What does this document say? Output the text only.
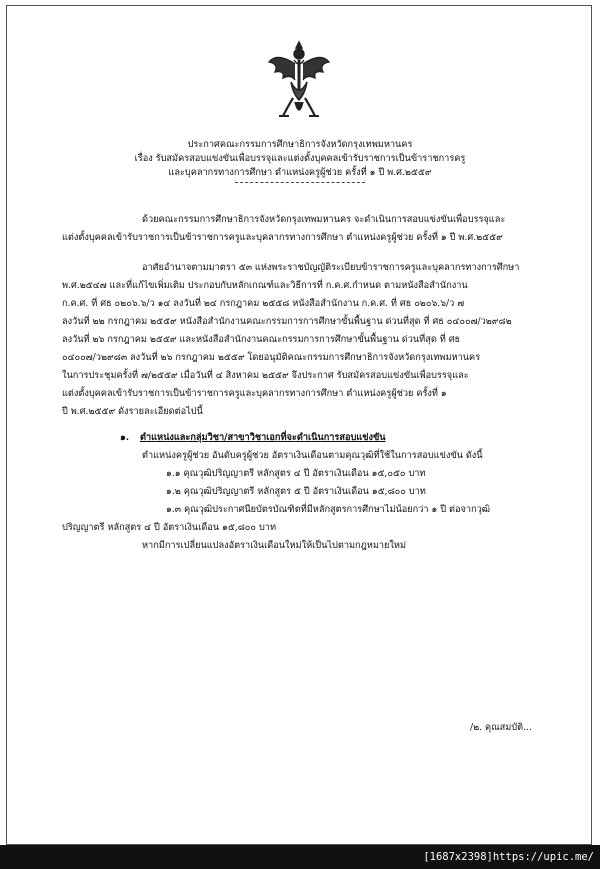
ประกาศคณะกรรมการศึกษาธิการจังหวัดกรุงเทพมหานคร
เรื่อง รับสมัครสอบแข่งขันเพื่อบรรจุและแต่งตั้งบุคคลเข้ารับราชการเป็นข้าราชการครู
และบุคลากรทางการศึกษา ตำแหน่งครูผู้ช่วย ครั้งที่ ๑ ปี พ.ศ.๒๕๕๙
ด้วยคณะกรรมการศึกษาธิการจังหวัดกรุงเทพมหานคร จะดำเนินการสอบแข่งขันเพื่อบรรจุและ
แต่งตั้งบุคคลเข้ารับราชการเป็นข้าราชการครูและบุคลากรทางการศึกษา ตำแหน่งครูผู้ช่วย ครั้งที่ ๑ ปี พ.ศ.๒๕๕๙
อาศัยอำนาจตามมาตรา ๕๓ แห่งพระราชบัญญัติระเบียบข้าราชการครูและบุคลากรทางการศึกษา
พ.ศ.๒๕๔๗ และที่แก้ไขเพิ่มเติม ประกอบกับหลักเกณฑ์และวิธีการที่ ก.ค.ศ.กำหนด ตามหนังสือสำนักงาน
ก.ค.ศ. ที่ ศธ ๐๒๐๖.๖/ว ๑๔ ลงวันที่ ๒๔ กรกฎาคม ๒๕๕๘ หนังสือสำนักงาน ก.ค.ศ. ที่ ศธ ๐๒๐๖.๖/ว ๗
ลงวันที่ ๒๒ กรกฎาคม ๒๕๕๙ หนังสือสำนักงานคณะกรรมการการศึกษาขั้นพื้นฐาน ด่วนที่สุด ที่ ศธ ๐๔๐๐๗/ว๒๙๘๒
ลงวันที่ ๒๖ กรกฎาคม ๒๕๕๙ และหนังสือสำนักงานคณะกรรมการการศึกษาขั้นพื้นฐาน ด่วนที่สุด ที่ ศธ
๐๔๐๐๗/ว๒๙๘๓ ลงวันที่ ๒๖ กรกฎาคม ๒๕๕๙ โดยอนุมัติคณะกรรมการศึกษาธิการจังหวัดกรุงเทพมหานคร
ในการประชุมครั้งที่ ๗/๒๕๕๙ เมื่อวันที่ ๔ สิงหาคม ๒๕๕๙ จึงประกาศ รับสมัครสอบแข่งขันเพื่อบรรจุและ
แต่งตั้งบุคคลเข้ารับราชการเป็นข้าราชการครูและบุคลากรทางการศึกษา ตำแหน่งครูผู้ช่วย ครั้งที่ ๑
ปี พ.ศ.๒๕๕๙ ดังรายละเอียดต่อไปนี้
๑. ตำแหน่งและกลุ่มวิชา/สาขาวิชาเอกที่จะดำเนินการสอบแข่งขัน
ตำแหน่งครูผู้ช่วย อันดับครูผู้ช่วย อัตราเงินเดือนตามคุณวุฒิที่ใช้ในการสอบแข่งขัน ดังนี้
๑.๑ คุณวุฒิปริญญาตรี หลักสูตร ๔ ปี อัตราเงินเดือน ๑๕,๐๕๐ บาท
๑.๒ คุณวุฒิปริญญาตรี หลักสูตร ๕ ปี อัตราเงินเดือน ๑๕,๘๐๐ บาท
๑.๓ คุณวุฒิประกาศนียบัตรบัณฑิตที่มีหลักสูตรการศึกษาไม่น้อยกว่า ๑ ปี ต่อจากวุฒิ
ปริญญาตรี หลักสูตร ๔ ปี อัตราเงินเดือน ๑๕,๘๐๐ บาท
หากมีการเปลี่ยนแปลงอัตราเงินเดือนใหม่ให้เป็นไปตามกฎหมายใหม่
/๒. คุณสมบัติ...
[1687x2398]https://upic.me/
